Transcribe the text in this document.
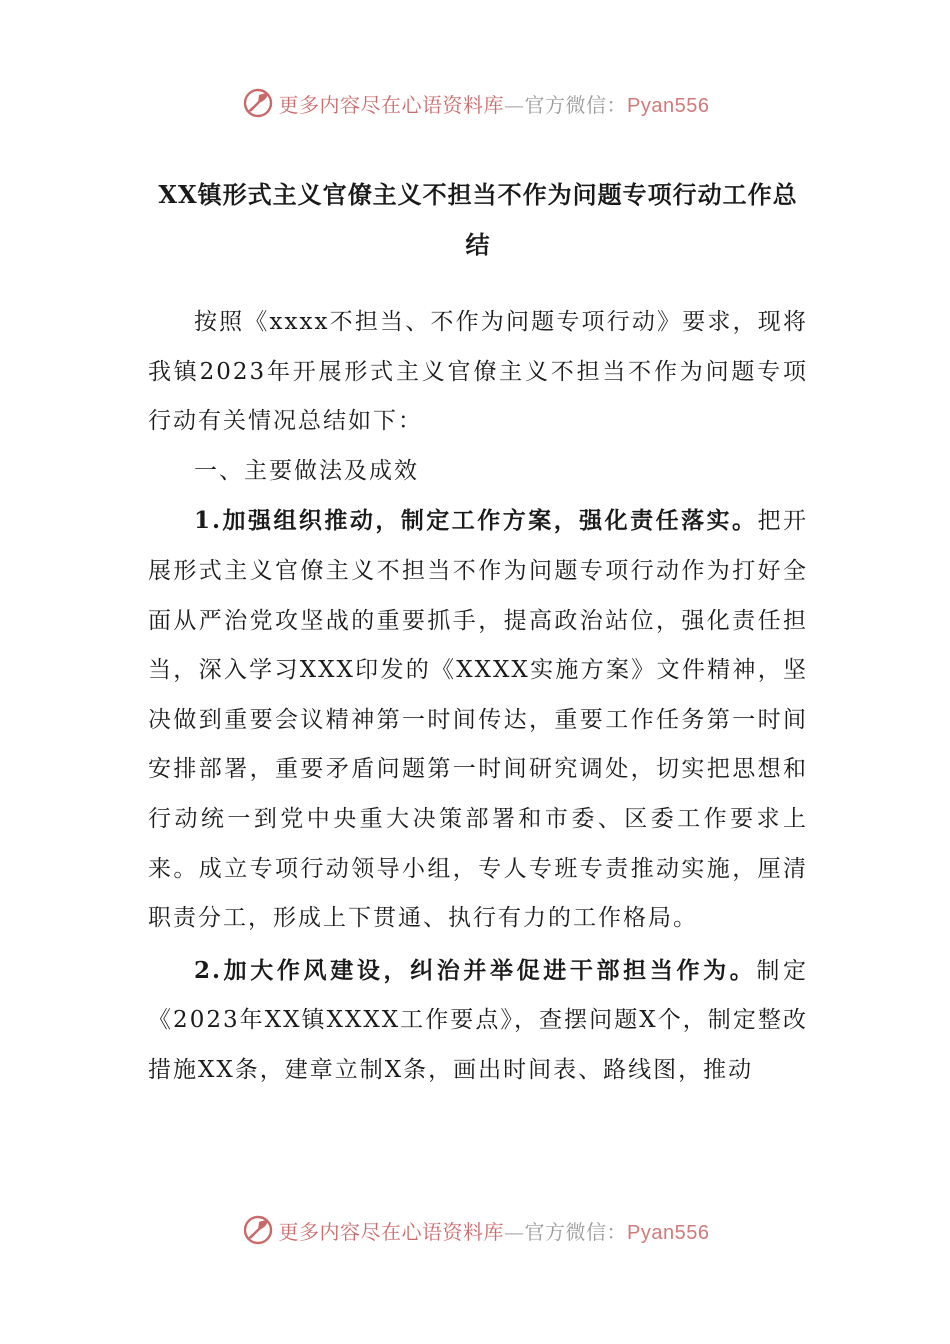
更多内容尽在心语资料库—官方微信：Pyan556

XX镇形式主义官僚主义不担当不作为问题专项行动工作总结

按照《xxxx不担当、不作为问题专项行动》要求，现将我镇2023年开展形式主义官僚主义不担当不作为问题专项行动有关情况总结如下：

一、主要做法及成效

1.加强组织推动，制定工作方案，强化责任落实。把开展形式主义官僚主义不担当不作为问题专项行动作为打好全面从严治党攻坚战的重要抓手，提高政治站位，强化责任担当，深入学习XXX印发的《XXXX实施方案》文件精神，坚决做到重要会议精神第一时间传达，重要工作任务第一时间安排部署，重要矛盾问题第一时间研究调处，切实把思想和行动统一到党中央重大决策部署和市委、区委工作要求上来。成立专项行动领导小组，专人专班专责推动实施，厘清职责分工，形成上下贯通、执行有力的工作格局。

2.加大作风建设，纠治并举促进干部担当作为。制定《2023年XX镇XXXX工作要点》，查摆问题X个，制定整改措施XX条，建章立制X条，画出时间表、路线图，推动

更多内容尽在心语资料库—官方微信：Pyan556
